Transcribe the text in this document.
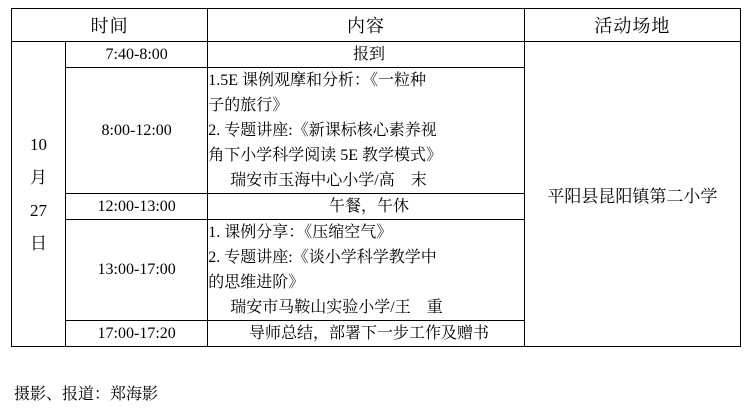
时间		内容	活动场地

10
月
27
日	7:40-8:00	报到	平阳县昆阳镇第二小学
	8:00-12:00	1.5E 课例观摩和分析：《一粒种
子的旅行》
2. 专题讲座:《新课标核心素养视
角下小学科学阅读 5E 教学模式》
瑞安市玉海中心小学/高　末	

	12:00-13:00	午餐，午休	

	13:00-17:00	1. 课例分享：《压缩空气》
2. 专题讲座:《谈小学科学教学中
的思维进阶》
瑞安市马鞍山实验小学/王　重	

	17:00-17:20	导师总结，部署下一步工作及赠书	
摄影、报道：郑海影
